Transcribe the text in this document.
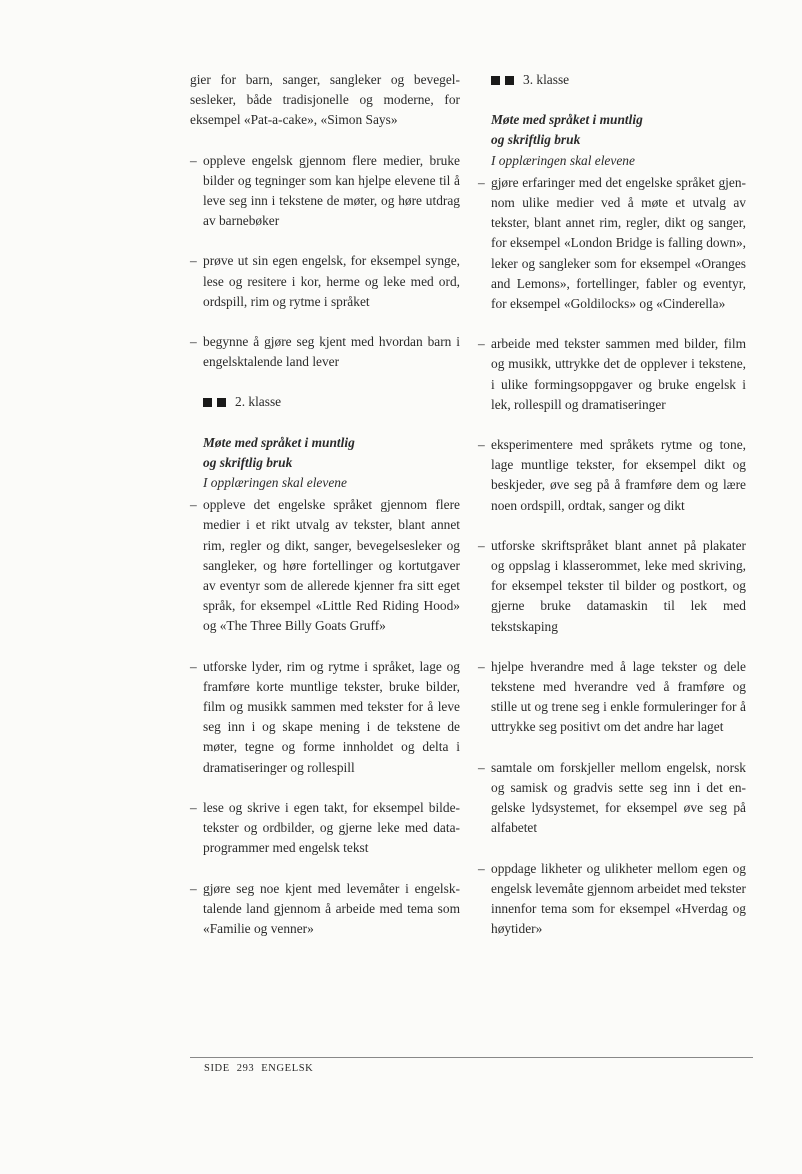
gier for barn, sanger, sangleker og bevegelsesleker, både tradisjonelle og moderne, for eksempel «Pat-a-cake», «Simon Says»

– oppleve engelsk gjennom flere medier, bruke bilder og tegninger som kan hjelpe elevene til å leve seg inn i tekstene de møter, og høre utdrag av barnebøker
– prøve ut sin egen engelsk, for eksempel synge, lese og resitere i kor, herme og leke med ord, ordspill, rim og rytme i språket
– begynne å gjøre seg kjent med hvordan barn i engelsktalende land lever
2. klasse
Møte med språket i muntlig
og skriftlig bruk
I opplæringen skal elevene
– oppleve det engelske språket gjennom flere medier i et rikt utvalg av tekster, blant annet rim, regler og dikt, sanger, bevegelsesleker og sangleker, og høre fortellinger og kortutgaver av eventyr som de allerede kjenner fra sitt eget språk, for eksempel «Little Red Riding Hood» og «The Three Billy Goats Gruff»
– utforske lyder, rim og rytme i språket, lage og framføre korte muntlige tekster, bruke bilder, film og musikk sammen med tekster for å leve seg inn i og skape mening i de tekstene de møter, tegne og forme innholdet og delta i dramatiseringer og rollespill
– lese og skrive i egen takt, for eksempel bildetekster og ordbilder, og gjerne leke med dataprogrammer med engelsk tekst
– gjøre seg noe kjent med levemåter i engelsktalende land gjennom å arbeide med tema som «Familie og venner»
3. klasse
Møte med språket i muntlig
og skriftlig bruk
I opplæringen skal elevene
– gjøre erfaringer med det engelske språket gjennom ulike medier ved å møte et utvalg av tekster, blant annet rim, regler, dikt og sanger, for eksempel «London Bridge is falling down», leker og sangleker som for eksempel «Oranges and Lemons», fortellinger, fabler og eventyr, for eksempel «Goldilocks» og «Cinderella»
– arbeide med tekster sammen med bilder, film og musikk, uttrykke det de opplever i tekstene, i ulike formingsoppgaver og bruke engelsk i lek, rollespill og dramatiseringer
– eksperimentere med språkets rytme og tone, lage muntlige tekster, for eksempel dikt og beskjeder, øve seg på å framføre dem og lære noen ordspill, ordtak, sanger og dikt
– utforske skriftspråket blant annet på plakater og oppslag i klasserommet, leke med skriving, for eksempel tekster til bilder og postkort, og gjerne bruke datamaskin til lek med tekstskaping
– hjelpe hverandre med å lage tekster og dele tekstene med hverandre ved å framføre og stille ut og trene seg i enkle formuleringer for å uttrykke seg positivt om det andre har laget
– samtale om forskjeller mellom engelsk, norsk og samisk og gradvis sette seg inn i det engelske lydsystemet, for eksempel øve seg på alfabetet
– oppdage likheter og ulikheter mellom egen og engelsk levemåte gjennom arbeidet med tekster innenfor tema som for eksempel «Hverdag og høytider»
SIDE 293 ENGELSK
